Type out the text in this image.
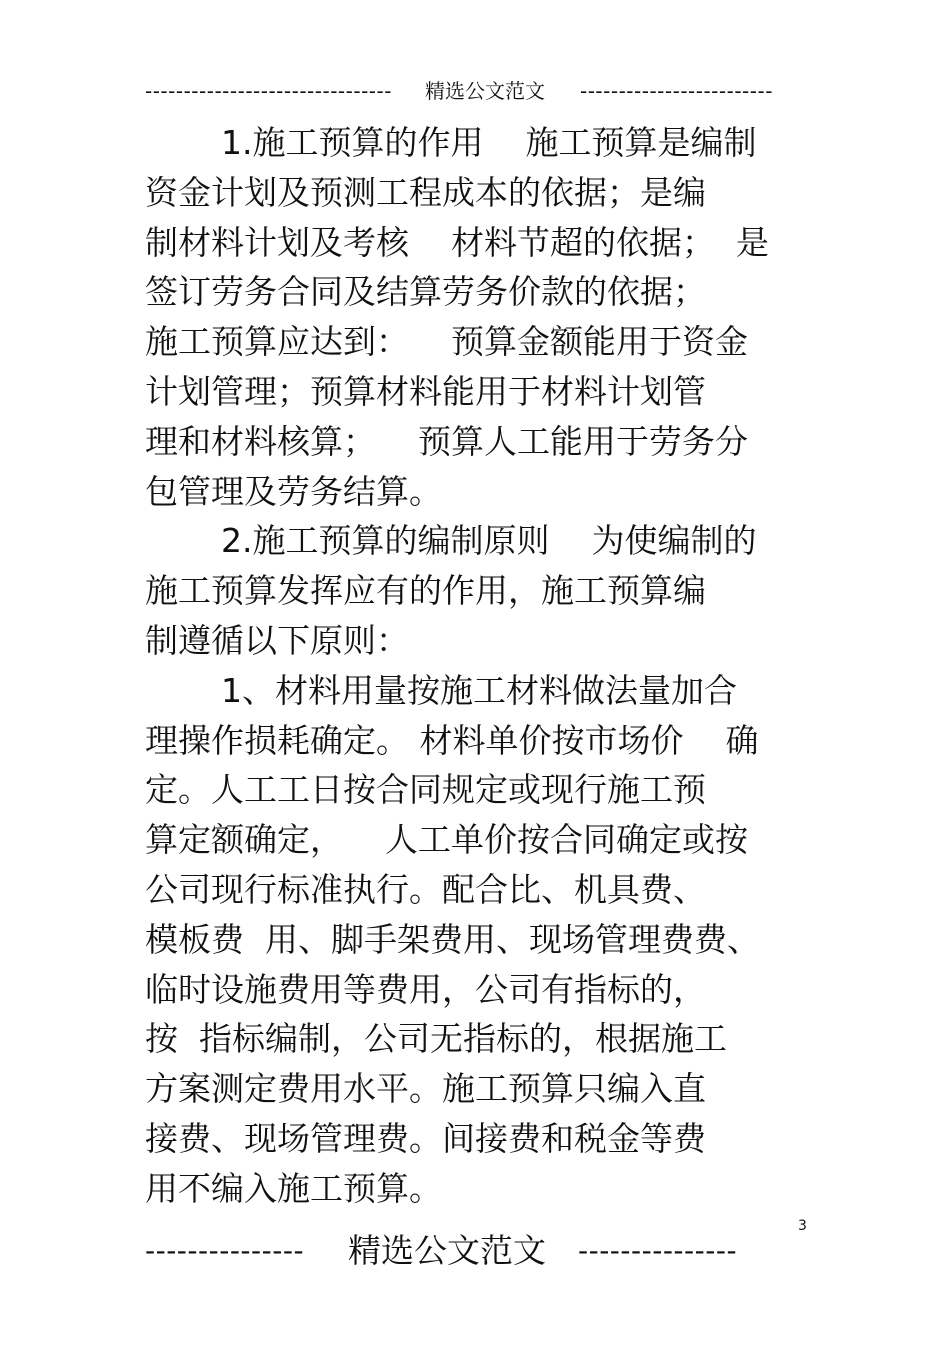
-------------------------------- 精选公文范文 -------------------------
1.施工预算的作用    施工预算是编制
资金计划及预测工程成本的依据；是编
制材料计划及考核    材料节超的依据；  是
签订劳务合同及结算劳务价款的依据；
施工预算应达到：    预算金额能用于资金
计划管理；预算材料能用于材料计划管
理和材料核算；    预算人工能用于劳务分
包管理及劳务结算。
2.施工预算的编制原则    为使编制的
施工预算发挥应有的作用，施工预算编
制遵循以下原则：
1、材料用量按施工材料做法量加合
理操作损耗确定。 材料单价按市场价    确
定。人工工日按合同规定或现行施工预
算定额确定，    人工单价按合同确定或按
公司现行标准执行。配合比、机具费、
模板费  用、脚手架费用、现场管理费费、
临时设施费用等费用，公司有指标的，
按  指标编制，公司无指标的，根据施工
方案测定费用水平。施工预算只编入直
接费、现场管理费。间接费和税金等费
用不编入施工预算。
3
--------------- 精选公文范文 ---------------
